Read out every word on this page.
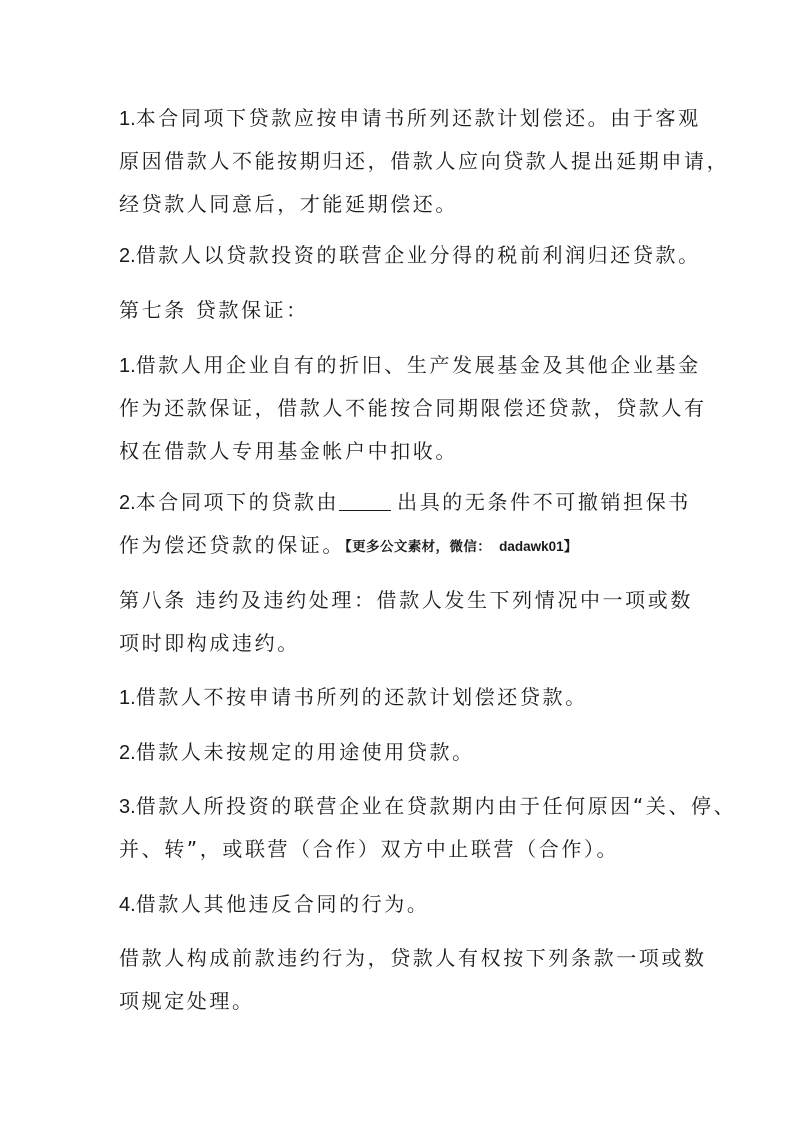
1.本合同项下贷款应按申请书所列还款计划偿还。由于客观
原因借款人不能按期归还，借款人应向贷款人提出延期申请，
经贷款人同意后，才能延期偿还。
2.借款人以贷款投资的联营企业分得的税前利润归还贷款。
第七条 贷款保证：
1.借款人用企业自有的折旧、生产发展基金及其他企业基金
作为还款保证，借款人不能按合同期限偿还贷款，贷款人有
权在借款人专用基金帐户中扣收。
2.本合同项下的贷款由	出具的无条件不可撤销担保书
作为偿还贷款的保证。【更多公文素材，微信： dadawk01】
第八条 违约及违约处理：借款人发生下列情况中一项或数
项时即构成违约。
1.借款人不按申请书所列的还款计划偿还贷款。
2.借款人未按规定的用途使用贷款。
3.借款人所投资的联营企业在贷款期内由于任何原因“关、停、
并、转”，或联营（合作）双方中止联营（合作）。
4.借款人其他违反合同的行为。
借款人构成前款违约行为，贷款人有权按下列条款一项或数
项规定处理。
